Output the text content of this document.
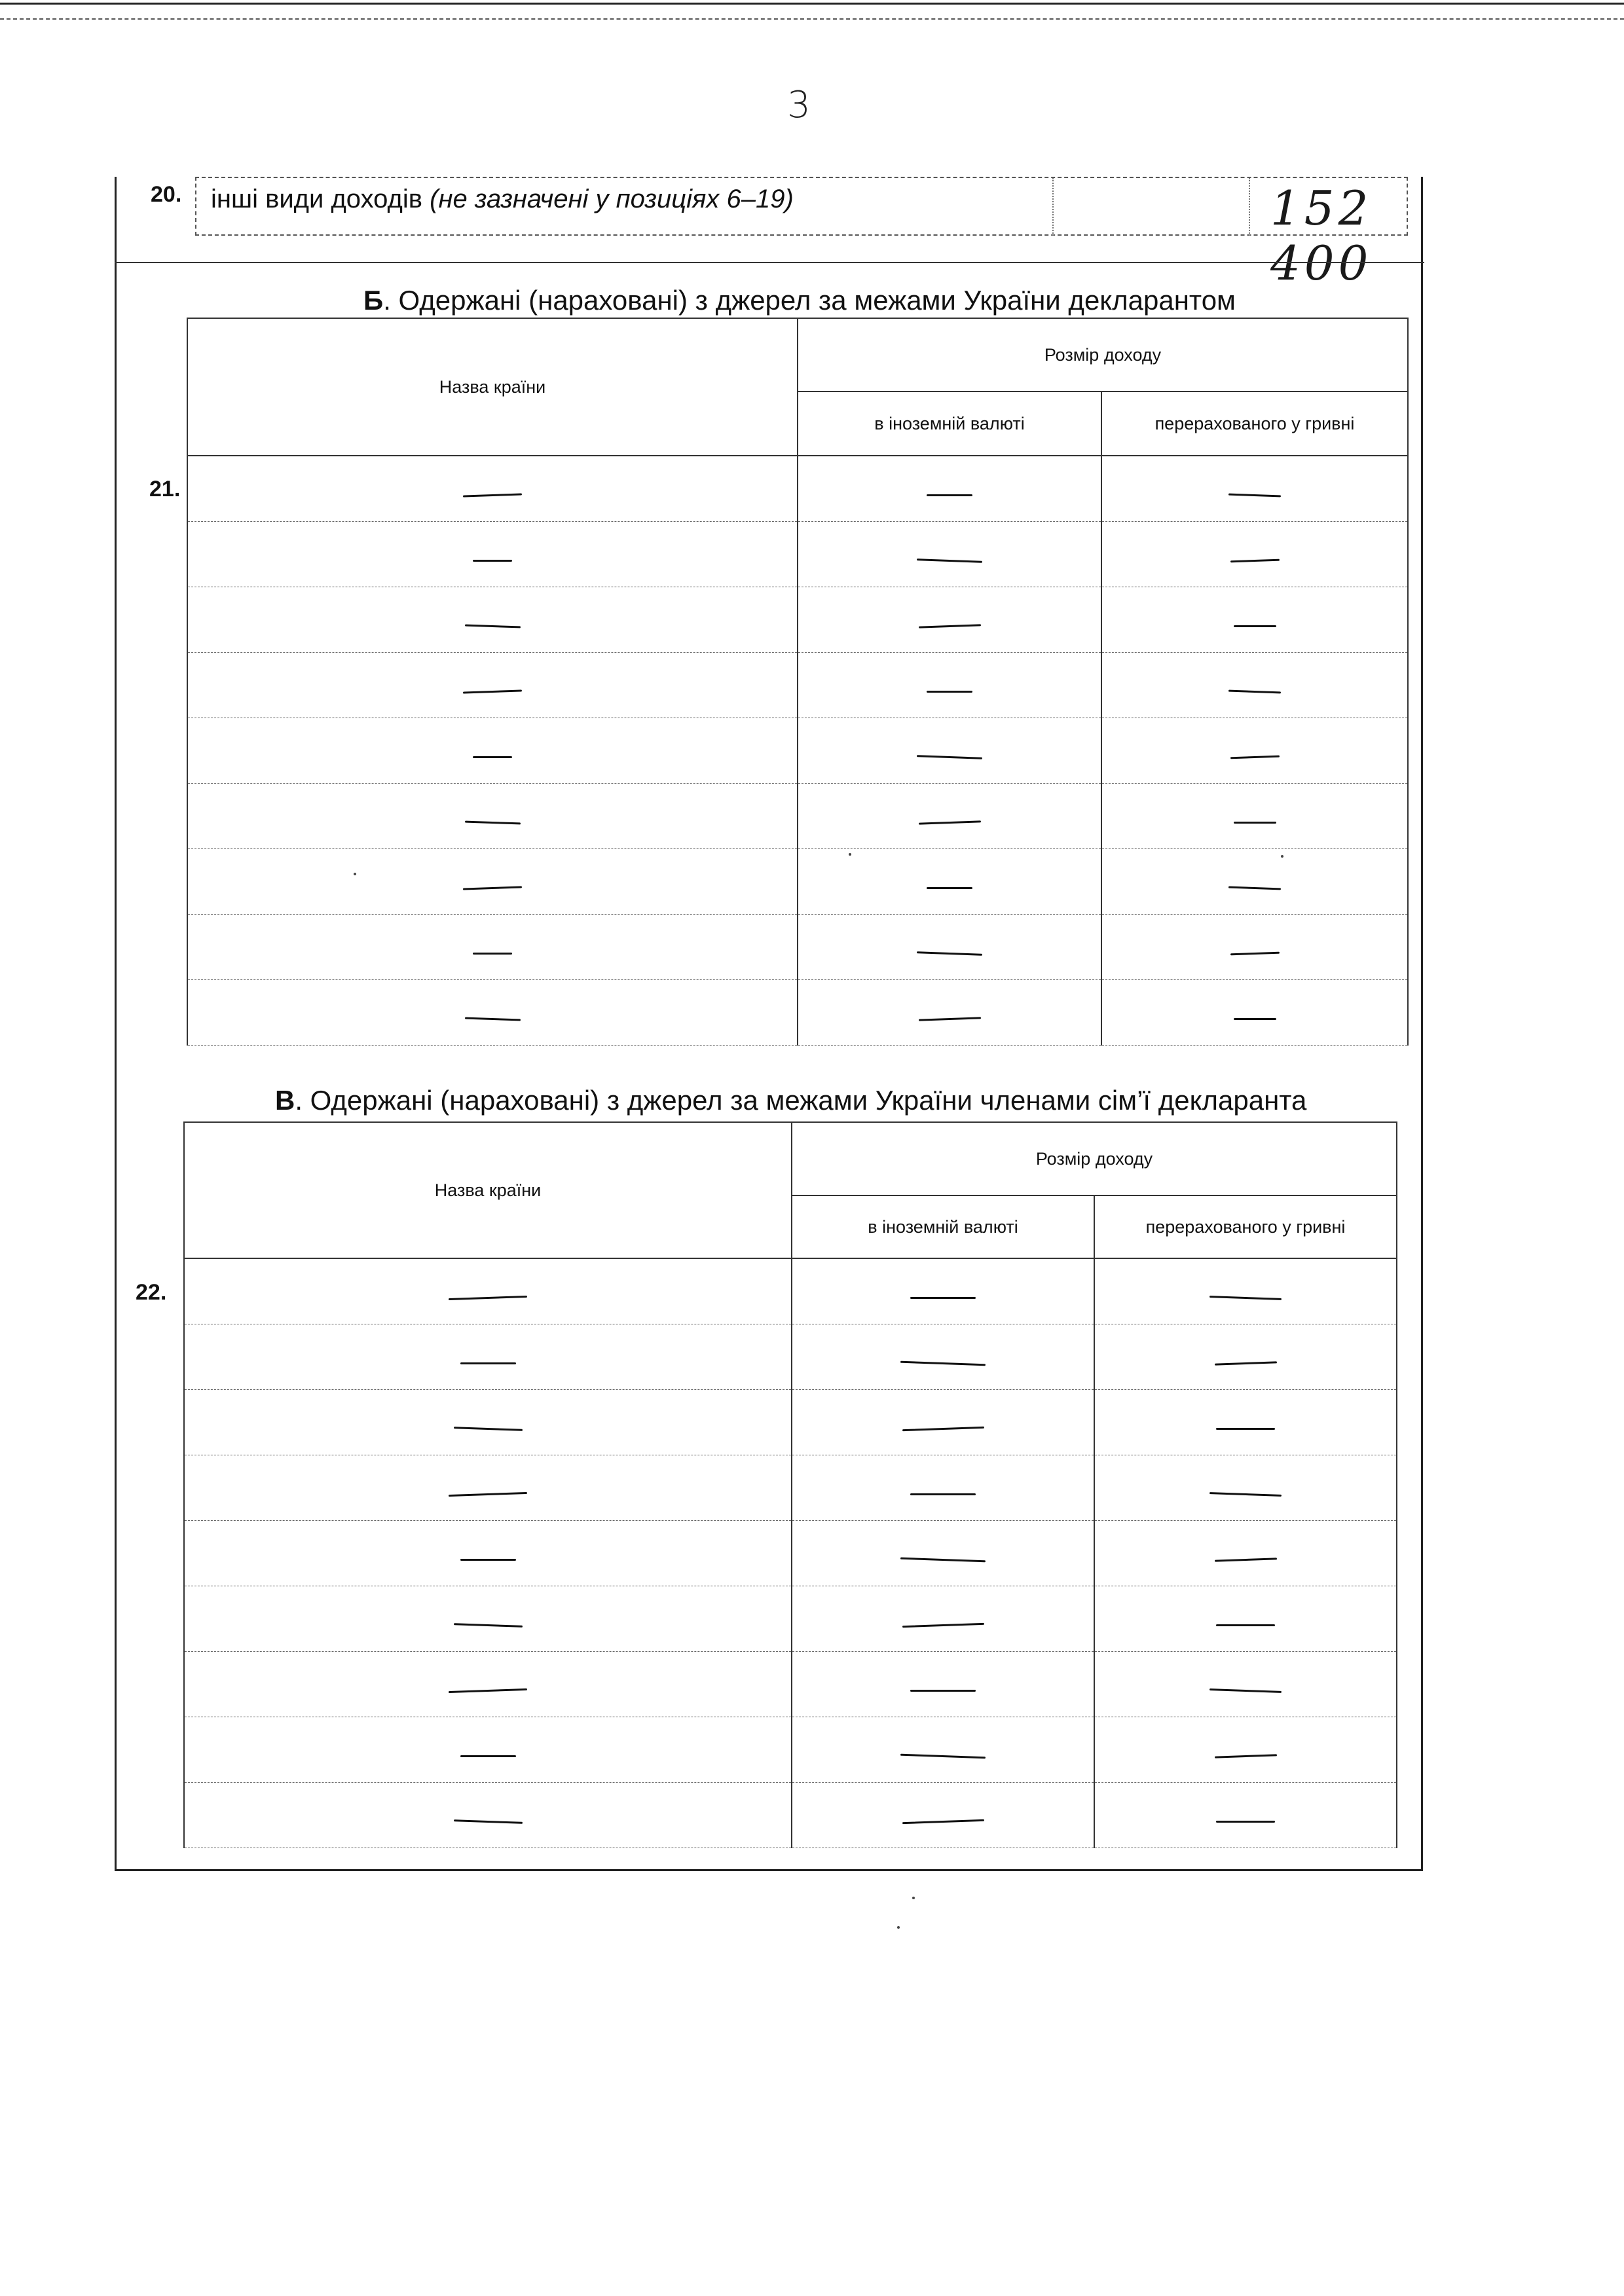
3
20. інші види доходів (не зазначені у позиціях 6–19)	152 400
Б. Одержані (нараховані) з джерел за межами України декларантом
21.
Назва країни	Розмір доходу	
	в іноземній валюті	перерахованого у гривні

В. Одержані (нараховані) з джерел за межами України членами сім’ї декларанта
22.
Назва країни	Розмір доходу	
	в іноземній валюті	перерахованого у гривні
